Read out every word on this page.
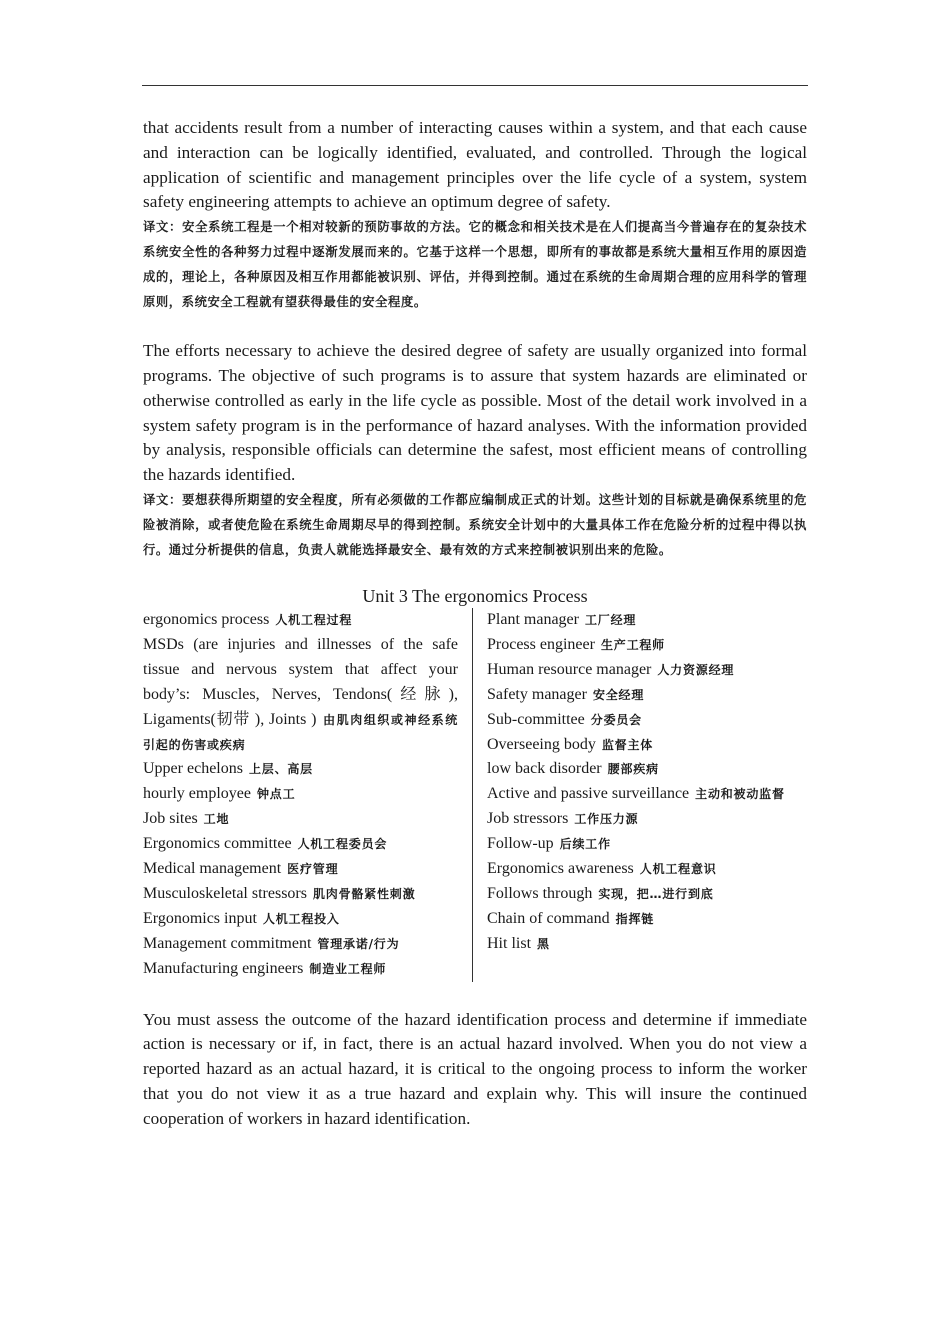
that accidents result from a number of interacting causes within a system, and that each cause and interaction can be logically identified, evaluated, and controlled. Through the logical application of scientific and management principles over the life cycle of a system, system safety engineering attempts to achieve an optimum degree of safety.

译文：安全系统工程是一个相对较新的预防事故的方法。它的概念和相关技术是在人们提高当今普遍存在的复杂技术系统安全性的各种努力过程中逐渐发展而来的。它基于这样一个思想，即所有的事故都是系统大量相互作用的原因造成的，理论上，各种原因及相互作用都能被识别、评估，并得到控制。通过在系统的生命周期合理的应用科学的管理原则，系统安全工程就有望获得最佳的安全程度。

The efforts necessary to achieve the desired degree of safety are usually organized into formal programs. The objective of such programs is to assure that system hazards are eliminated or otherwise controlled as early in the life cycle as possible. Most of the detail work involved in a system safety program is in the performance of hazard analyses. With the information provided by analysis, responsible officials can determine the safest, most efficient means of controlling the hazards identified.

译文：要想获得所期望的安全程度，所有必须做的工作都应编制成正式的计划。这些计划的目标就是确保系统里的危险被消除，或者使危险在系统生命周期尽早的得到控制。系统安全计划中的大量具体工作在危险分析的过程中得以执行。通过分析提供的信息，负责人就能选择最安全、最有效的方式来控制被识别出来的危险。

Unit 3 The ergonomics Process

ergonomics process 人机工程过程

MSDs (are injuries and illnesses of the safe tissue and nervous system that affect your body’s: Muscles, Nerves, Tendons(经脉), Ligaments(韧带 ), Joints ) 由肌肉组织或神经系统引起的伤害或疾病

Upper echelons 上层、高层

hourly employee 钟点工

Job sites 工地

Ergonomics committee 人机工程委员会

Medical management 医疗管理

Musculoskeletal stressors 肌肉骨骼紧性刺激

Ergonomics input 人机工程投入

Management commitment 管理承诺/行为

Manufacturing engineers 制造业工程师

Plant manager 工厂经理

Process engineer 生产工程师

Human resource manager 人力资源经理

Safety manager 安全经理

Sub-committee 分委员会

Overseeing body 监督主体

low back disorder 腰部疾病

Active and passive surveillance 主动和被动监督

Job stressors 工作压力源

Follow-up 后续工作

Ergonomics awareness 人机工程意识

Follows through 实现，把…进行到底

Chain of command 指挥链

Hit list 黑

You must assess the outcome of the hazard identification process and determine if immediate action is necessary or if, in fact, there is an actual hazard involved. When you do not view a reported hazard as an actual hazard, it is critical to the ongoing process to inform the worker that you do not view it as a true hazard and explain why. This will insure the continued cooperation of workers in hazard identification.
